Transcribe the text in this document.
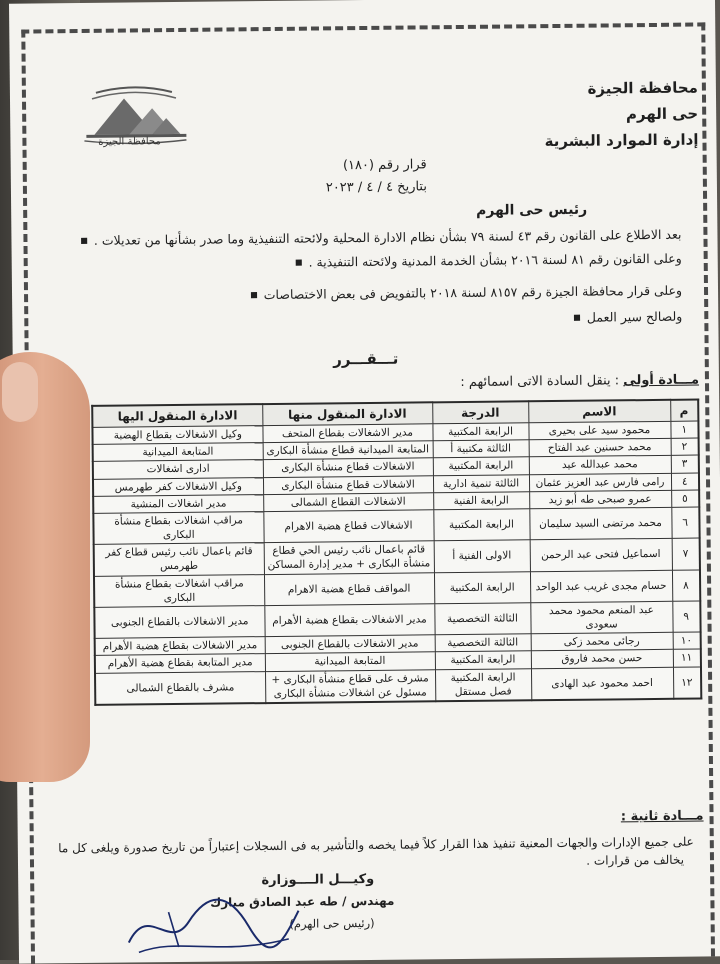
محافظة الجيزة
حى الهرم
إدارة الموارد البشرية
محافظة الجيزة
قرار رقم (١٨٠)
بتاريخ ٤ / ٤ / ٢٠٢٣
رئيس حى الهرم
بعد الاطلاع على القانون رقم ٤٣ لسنة ٧٩ بشأن نظام الادارة المحلية ولائحته التنفيذية وما صدر بشأنها من تعديلات . ■
وعلى القانون رقم ٨١ لسنة ٢٠١٦ بشأن الخدمة المدنية ولائحته التنفيذية . ■
وعلى قرار محافظة الجيزة رقم ٨١٥٧ لسنة ٢٠١٨ بالتفويض فى بعض الاختصاصات ■
ولصالح سير العمل ■
تـــقـــرر
مـــادة أولى : ينقل السادة الاتى اسمائهم :
م	الاسم	الدرجة	الادارة المنقول منها	الادارة المنقول اليها
١	محمود سيد على بحيرى	الرابعة المكتبية	مدير الاشغالات بقطاع المتحف	وكيل الاشغالات بقطاع الهضبة
٢	محمد حسنين عبد الفتاح	الثالثة مكتبية أ	المتابعة الميدانية قطاع منشأة البكارى	المتابعة الميدانية
٣	محمد عبدالله عيد	الرابعة المكتبية	الاشغالات قطاع منشأة البكارى	ادارى اشغالات
٤	رامى فارس عبد العزيز عثمان	الثالثة تنمية ادارية	الاشغالات قطاع منشأة البكارى	وكيل الاشغالات كفر طهرمس
٥	عمرو صبحى طه أبو زيد	الرابعة الفنية	الاشغالات القطاع الشمالى	مدير اشغالات المنشية
٦	محمد مرتضى السيد سليمان	الرابعة المكتبية	الاشغالات قطاع هضبة الاهرام	مراقب اشغالات بقطاع منشأة البكارى
٧	اسماعيل فتحى عبد الرحمن	الاولى الفنية أ	قائم باعمال نائب رئيس الحي قطاع منشأة البكارى + مدير إدارة المساكن	قائم باعمال نائب رئيس قطاع كفر طهرمس
٨	حسام مجدى غريب عبد الواحد	الرابعة المكتبية	المواقف قطاع هضبة الاهرام	مراقب اشغالات بقطاع منشأة البكارى
٩	عبد المنعم محمود محمد سعودى	الثالثة التخصصية	مدير الاشغالات بقطاع هضبة الأهرام	مدير الاشغالات بالقطاع الجنوبى
١٠	رجائى محمد زكى	الثالثة التخصصية	مدير الاشغالات بالقطاع الجنوبى	مدير الاشغالات بقطاع هضبة الأهرام
١١	حسن محمد فاروق	الرابعة المكتبية	المتابعة الميدانية	مدير المتابعة بقطاع هضبة الأهرام
١٢	احمد محمود عبد الهادى	الرابعة المكتبية فصل مستقل	مشرف على قطاع منشأة البكارى + مسئول عن اشغالات منشأة البكارى	مشرف بالقطاع الشمالى
مـــادة ثانية :
على جميع الإدارات والجهات المعنية تنفيذ هذا القرار كلاً فيما يخصه والتأشير به فى السجلات إعتباراً من تاريخ صدورة ويلغى كل ما
يخالف من قرارات .
وكيـــل الــــوزارة
مهندس / طه عبد الصادق مبارك
(رئيس حى الهرم)
